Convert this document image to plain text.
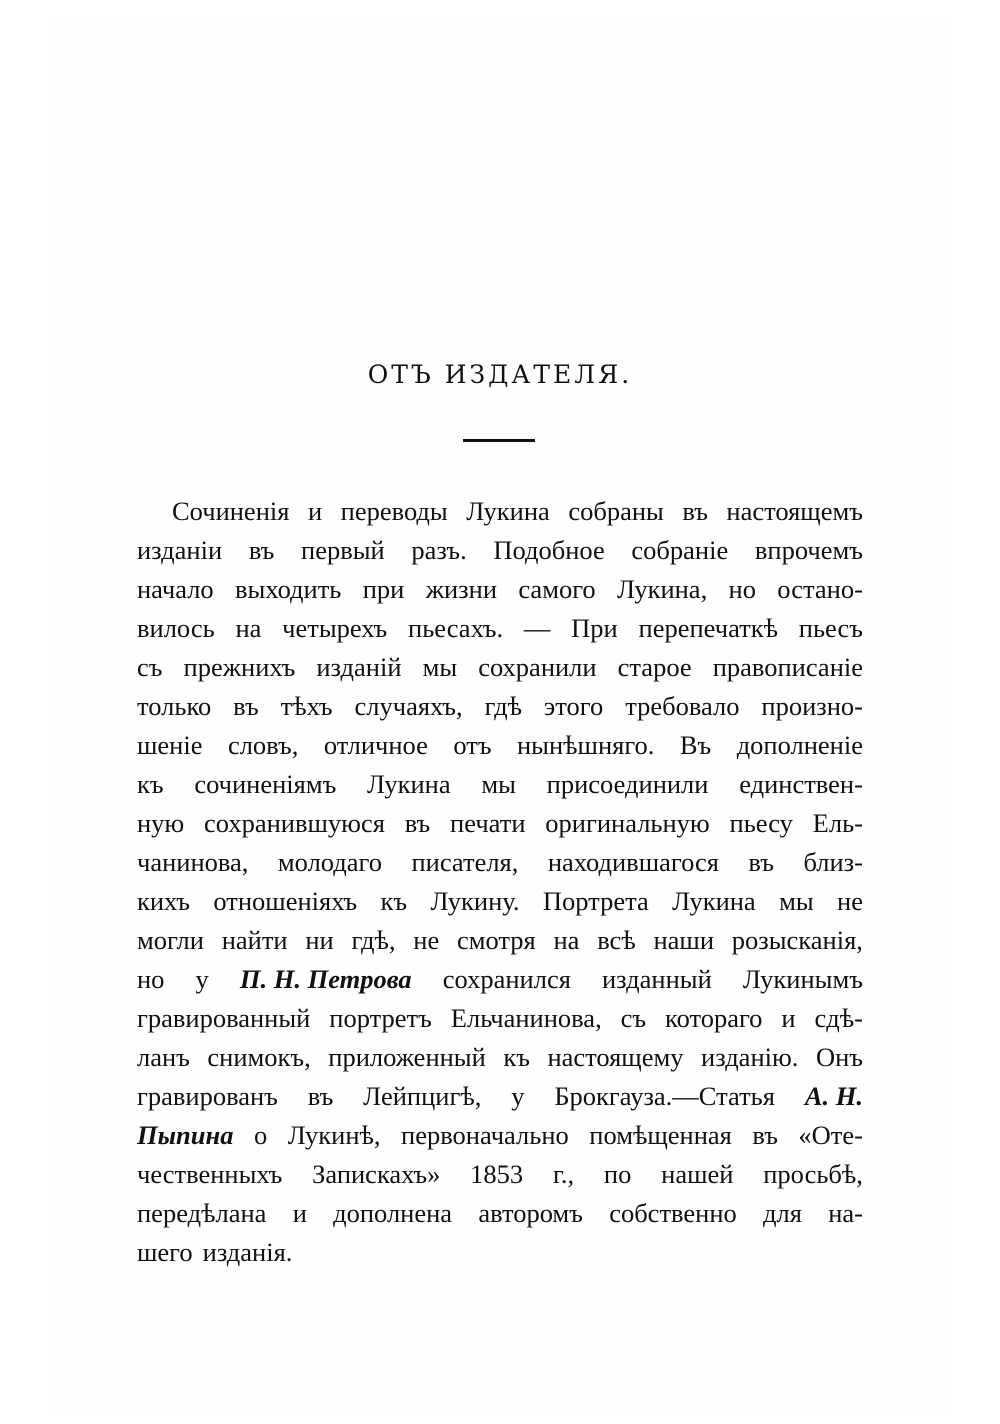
ОТЪ ИЗДАТЕЛЯ.
Сочиненія и переводы Лукина собраны въ настоящемъ
изданіи въ первый разъ. Подобное собраніе впрочемъ
начало выходить при жизни самого Лукина, но остано-
вилось на четырехъ пьесахъ. — При перепечаткѣ пьесъ
съ прежнихъ изданій мы сохранили старое правописаніе
только въ тѣхъ случаяхъ, гдѣ этого требовало произно-
шеніе словъ, отличное отъ нынѣшняго. Въ дополненіе
къ сочиненіямъ Лукина мы присоединили единствен-
ную сохранившуюся въ печати оригинальную пьесу Ель-
чанинова, молодаго писателя, находившагося въ близ-
кихъ отношеніяхъ къ Лукину. Портрета Лукина мы не
могли найти ни гдѣ, не смотря на всѣ наши розысканія,
но у П. Н. Петрова сохранился изданный Лукинымъ
гравированный портретъ Ельчанинова, съ котораго и сдѣ-
ланъ снимокъ, приложенный къ настоящему изданію. Онъ
гравированъ въ Лейпцигѣ, у Брокгауза.—Статья А. Н.
Пыпина о Лукинѣ, первоначально помѣщенная въ «Оте-
чественныхъ Запискахъ» 1853 г., по нашей просьбѣ,
передѣлана и дополнена авторомъ собственно для на-
шего изданія.
